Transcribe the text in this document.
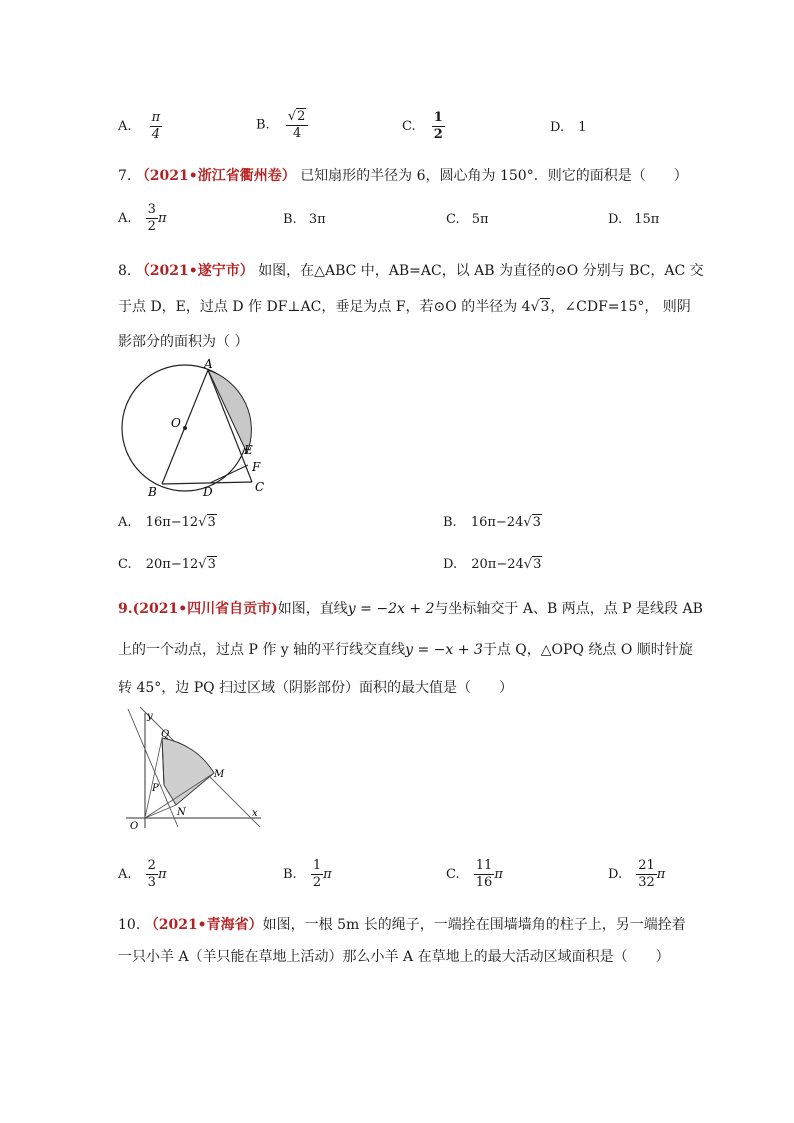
A. $\frac{\pi}{4}$	B. $\frac{√2}{4}$	C. $\frac{1}{2}$	D. 1
7. （2021•浙江省衢州卷） 已知扇形的半径为 6，圆心角为 150°．则它的面积是（　　）
A. $\frac{3}{2}$ π	B. 3π	C. 5π	D. 15π
8. （2021•遂宁市） 如图，在△ABC 中，AB=AC，以 AB 为直径的⊙O 分别与 BC，AC 交
于点 D，E，过点 D 作 DF⊥AC，垂足为点 F，若⊙O 的半径为 4√3，∠CDF=15°， 则阴
影部分的面积为（ ）
A
O
E
F
B	D	C
A. 16π−12√3	B. 16π−24√3
C. 20π−12√3	D. 20π−24√3
9.(2021•四川省自贡市)如图，直线y = −2x + 2与坐标轴交于 A、B 两点，点 P 是线段 AB
上的一个动点，过点 P 作 y 轴的平行线交直线y = −x + 3于点 Q，△OPQ 绕点 O 顺时针旋
转 45°，边 PQ 扫过区域（阴影部份）面积的最大值是（　　）
y
Q
M
P
N
O
x
A. $\frac{2}{3}$ π	B. $\frac{1}{2}$ π	C. $\frac{11}{16}$ π	D. $\frac{21}{32}$ π
10. （2021•青海省）如图，一根 5m 长的绳子，一端拴在围墙墙角的柱子上，另一端拴着
一只小羊 A（羊只能在草地上活动）那么小羊 A 在草地上的最大活动区域面积是（　　）
